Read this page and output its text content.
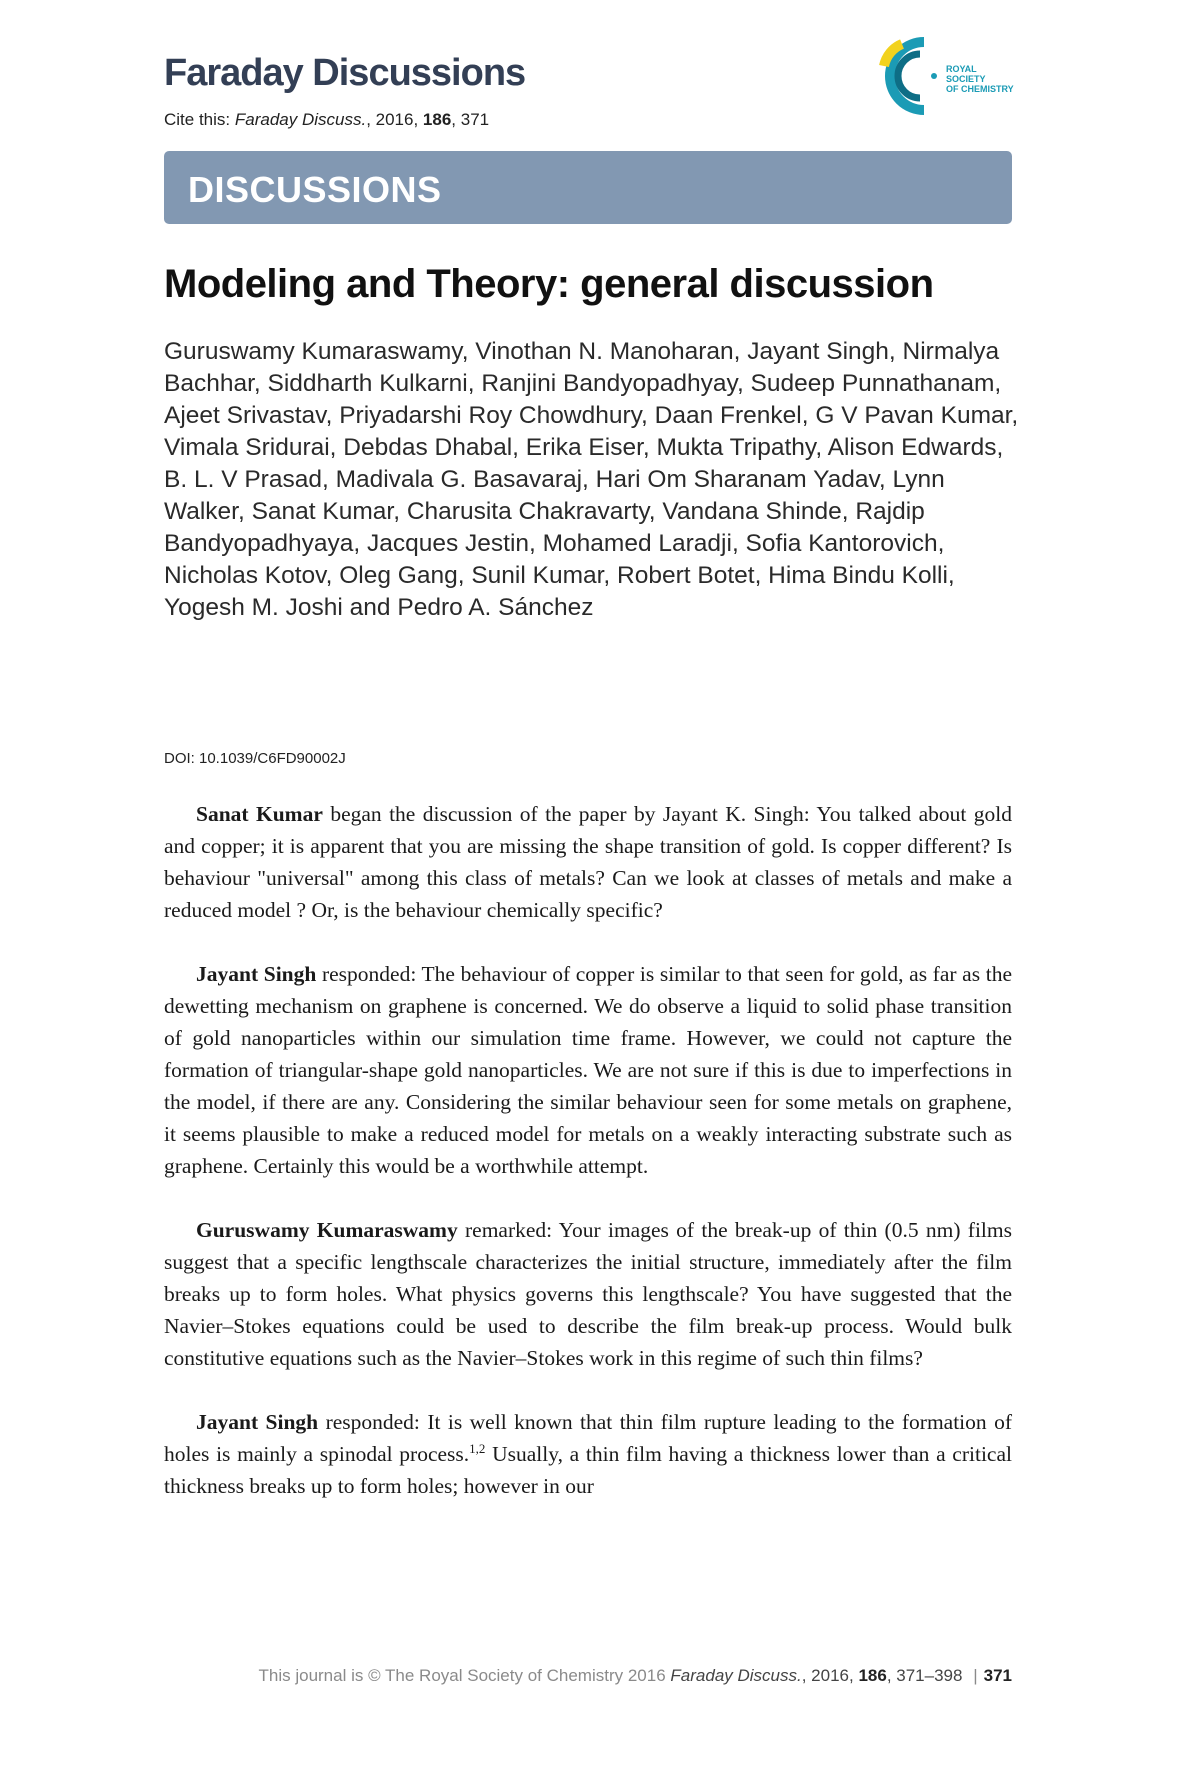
Faraday Discussions
Cite this: Faraday Discuss., 2016, 186, 371
ROYAL SOCIETY
OF CHEMISTRY
DISCUSSIONS
Modeling and Theory: general discussion
Guruswamy Kumaraswamy, Vinothan N. Manoharan, Jayant Singh, Nirmalya Bachhar, Siddharth Kulkarni, Ranjini Bandyopadhyay, Sudeep Punnathanam, Ajeet Srivastav, Priyadarshi Roy Chowdhury, Daan Frenkel, G V Pavan Kumar, Vimala Sridurai, Debdas Dhabal, Erika Eiser, Mukta Tripathy, Alison Edwards, B. L. V Prasad, Madivala G. Basavaraj, Hari Om Sharanam Yadav, Lynn Walker, Sanat Kumar, Charusita Chakravarty, Vandana Shinde, Rajdip Bandyopadhyaya, Jacques Jestin, Mohamed Laradji, Sofia Kantorovich, Nicholas Kotov, Oleg Gang, Sunil Kumar, Robert Botet, Hima Bindu Kolli, Yogesh M. Joshi and Pedro A. Sánchez
DOI: 10.1039/C6FD90002J

Sanat Kumar began the discussion of the paper by Jayant K. Singh: You talked about gold and copper; it is apparent that you are missing the shape transition of gold. Is copper different? Is behaviour "universal" among this class of metals? Can we look at classes of metals and make a reduced model ? Or, is the behaviour chemically specific?

Jayant Singh responded: The behaviour of copper is similar to that seen for gold, as far as the dewetting mechanism on graphene is concerned. We do observe a liquid to solid phase transition of gold nanoparticles within our simulation time frame. However, we could not capture the formation of triangular-shape gold nanoparticles. We are not sure if this is due to imperfections in the model, if there are any. Considering the similar behaviour seen for some metals on graphene, it seems plausible to make a reduced model for metals on a weakly interacting substrate such as graphene. Certainly this would be a worthwhile attempt.

Guruswamy Kumaraswamy remarked: Your images of the break-up of thin (0.5 nm) films suggest that a specific lengthscale characterizes the initial structure, immediately after the film breaks up to form holes. What physics governs this lengthscale? You have suggested that the Navier–Stokes equations could be used to describe the film break-up process. Would bulk constitutive equations such as the Navier–Stokes work in this regime of such thin films?

Jayant Singh responded: It is well known that thin film rupture leading to the formation of holes is mainly a spinodal process.$^{1,2}$ Usually, a thin film having a thickness lower than a critical thickness breaks up to form holes; however in our

This journal is © The Royal Society of Chemistry 2016 Faraday Discuss., 2016, 186, 371–398 | 371
